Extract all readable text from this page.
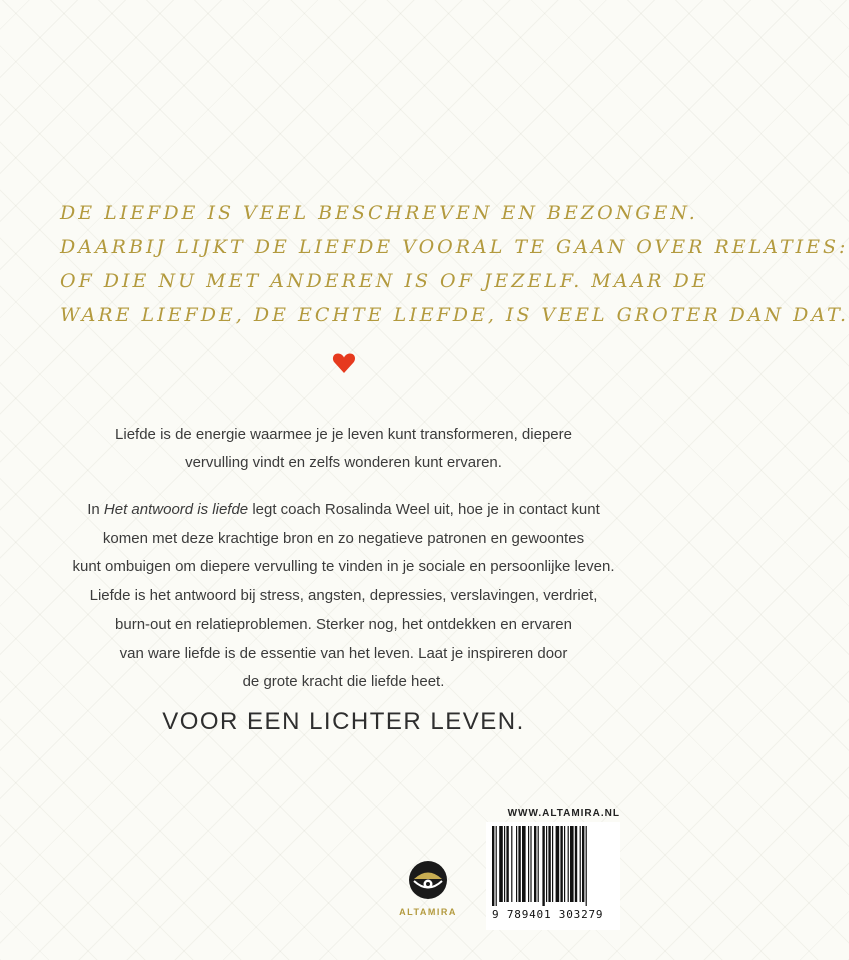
DE LIEFDE IS VEEL BESCHREVEN EN BEZONGEN.
DAARBIJ LIJKT DE LIEFDE VOORAL TE GAAN OVER RELATIES:
OF DIE NU MET ANDEREN IS OF JEZELF. MAAR DE
WARE LIEFDE, DE ECHTE LIEFDE, IS VEEL GROTER DAN DAT.
Liefde is de energie waarmee je je leven kunt transformeren, diepere
vervulling vindt en zelfs wonderen kunt ervaren.
In Het antwoord is liefde legt coach Rosalinda Weel uit, hoe je in contact kunt
komen met deze krachtige bron en zo negatieve patronen en gewoontes
kunt ombuigen om diepere vervulling te vinden in je sociale en persoonlijke leven.
Liefde is het antwoord bij stress, angsten, depressies, verslavingen, verdriet,
burn-out en relatieproblemen. Sterker nog, het ontdekken en ervaren
van ware liefde is de essentie van het leven. Laat je inspireren door
de grote kracht die liefde heet.
VOOR EEN LICHTER LEVEN.
ALTAMIRA
WWW.ALTAMIRA.NL
9 789401 303279
